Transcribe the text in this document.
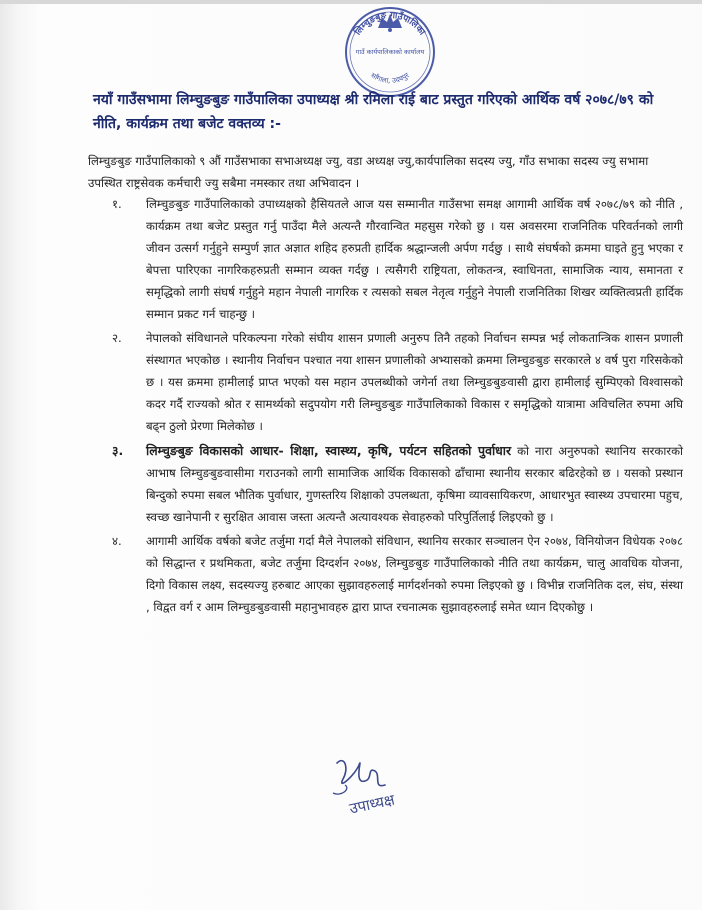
लिम्चुङबुङ गाउँपालिका
गाउँ कार्यपालिकाको कार्यालय
साँगाला, उदयपुर
नयाँ गाउँसभामा लिम्चुङबुङ गाउँपालिका उपाध्यक्ष श्री रमिला राई बाट प्रस्तुत गरिएको आर्थिक वर्ष २०७८/७९ को नीति, कार्यक्रम तथा बजेट वक्तव्य :-
लिम्चुङबुङ गाउँपालिकाको ९ औं गाउँसभाका सभाअध्यक्ष ज्यु, वडा अध्यक्ष ज्यु,कार्यपालिका सदस्य ज्यु, गाँउ सभाका सदस्य ज्यु सभामा उपस्थित राष्ट्रसेवक कर्मचारी ज्यु सबैमा नमस्कार तथा अभिवादन ।
१.	लिम्चुङबुङ गाउँपालिकाको उपाध्यक्षको हैसियतले आज यस सम्मानीत गाउँसभा समक्ष आगामी आर्थिक वर्ष २०७८/७९ को नीति , कार्यक्रम तथा बजेट प्रस्तुत गर्नु पाउँदा मैले अत्यन्तै गौरवान्वित महसुस गरेको छु । यस अवसरमा राजनितिक परिवर्तनको लागी जीवन उत्सर्ग गर्नुहुने सम्पुर्ण ज्ञात अज्ञात शहिद हरुप्रती हार्दिक श्रद्धान्जली अर्पण गर्दछु । साथै संघर्षको क्रममा घाइते हुनु भएका र बेपत्ता पारिएका नागरिकहरुप्रती सम्मान व्यक्त गर्दछु । त्यसैगरी राष्ट्रियता, लोकतन्त्र, स्वाधिनता, सामाजिक न्याय, समानता र समृद्धिको लागी संघर्ष गर्नुहुने महान नेपाली नागरिक र त्यसको सबल नेतृत्व गर्नुहुने नेपाली राजनितिका शिखर व्यक्तित्वप्रती हार्दिक सम्मान प्रकट गर्न चाहन्छु ।
२.	नेपालको संविधानले परिकल्पना गरेको संघीय शासन प्रणाली अनुरुप तिनै तहको निर्वाचन सम्पन्न भई लोकतान्त्रिक शासन प्रणाली संस्थागत भएकोछ । स्थानीय निर्वाचन पश्चात नया शासन प्रणालीको अभ्यासको क्रममा लिम्चुङबुङ सरकारले ४ वर्ष पुरा गरिसकेको छ । यस क्रममा हामीलाई प्राप्त भएको यस महान उपलब्धीको जगेर्ना तथा लिम्चुङबुङवासी द्वारा हामीलाई सुम्पिएको विश्वासको कदर गर्दै राज्यको श्रोत र सामर्थ्यको सदुपयोग गरी लिम्चुङबुङ गाउँपालिकाको विकास र समृद्धिको यात्रामा अविचलित रुपमा अघि बढ्न ठुलो प्रेरणा मिलेकोछ ।
३.	लिम्चुङबुङ विकासको आधार- शिक्षा, स्वास्थ्य, कृषि, पर्यटन सहितको पुर्वाधार को नारा अनुरुपको स्थानिय सरकारको आभाष लिम्चुङबुङवासीमा गराउनको लागी सामाजिक आर्थिक विकासको ढाँचामा स्थानीय सरकार बढिरहेको छ । यसको प्रस्थान बिन्दुको रुपमा सबल भौतिक पुर्वाधार, गुणस्तरिय शिक्षाको उपलब्धता, कृषिमा व्यावसायिकरण, आधारभुत स्वास्थ्य उपचारमा पहुच, स्वच्छ खानेपानी र सुरक्षित आवास जस्ता अत्यन्तै अत्यावश्यक सेवाहरुको परिपुर्तिलाई लिइएको छु ।
४.	आगामी आर्थिक वर्षको बजेट तर्जुमा गर्दा मैले नेपालको संविधान, स्थानिय सरकार सञ्चालन ऐन २०७४, विनियोजन विधेयक २०७८ को सिद्धान्त र प्रथमिकता, बजेट तर्जुमा दिग्दर्शन २०७४, लिम्चुङबुङ गाउँपालिकाको नीति तथा कार्यक्रम, चालु आवधिक योजना, दिगो विकास लक्ष्य, सदस्यज्यु हरुबाट आएका सुझावहरुलाई मार्गदर्शनको रुपमा लिइएको छु । विभीन्न राजनितिक दल, संघ, संस्था , विद्वत वर्ग र आम लिम्चुङबुङवासी महानुभावहरु द्वारा प्राप्त रचनात्मक सुझावहरुलाई समेत ध्यान दिएकोछु ।
उपाध्यक्ष
